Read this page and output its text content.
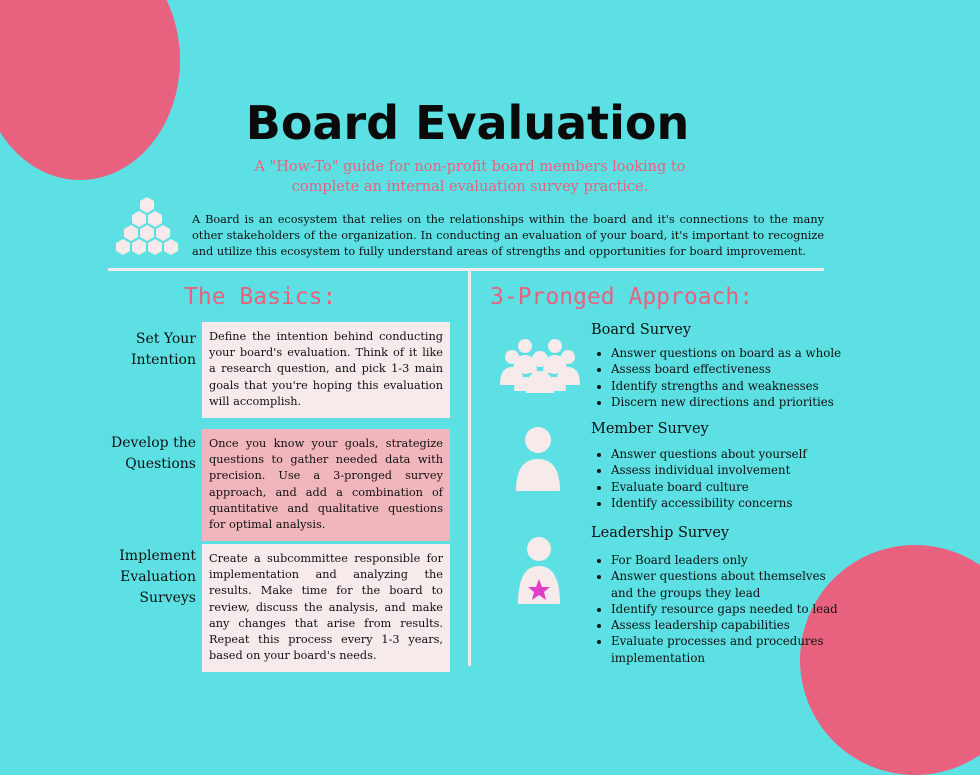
Board Evaluation
A "How-To" guide for non-profit board members looking to complete an internal evaluation survey practice.
A Board is an ecosystem that relies on the relationships within the board and it's connections to the many other stakeholders of the organization. In conducting an evaluation of your board, it's important to recognize and utilize this ecosystem to fully understand areas of strengths and opportunities for board improvement.
The Basics:	3-Pronged Approach:
Set Your
Intention
Define the intention behind conducting your board's evaluation. Think of it like a research question, and pick 1-3 main goals that you're hoping this evaluation will accomplish.
Develop the
Questions
Once you know your goals, strategize questions to gather needed data with precision. Use a 3-pronged survey approach, and add a combination of quantitative and qualitative questions for optimal analysis.
Implement
Evaluation
Surveys
Create a subcommittee responsible for implementation and analyzing the results. Make time for the board to review, discuss the analysis, and make any changes that arise from results. Repeat this process every 1-3 years, based on your board's needs.
Board Survey
• Answer questions on board as a whole
• Assess board effectiveness
• Identify strengths and weaknesses
• Discern new directions and priorities
Member Survey
• Answer questions about yourself
• Assess individual involvement
• Evaluate board culture
• Identify accessibility concerns
Leadership Survey
• For Board leaders only
• Answer questions about themselves and the groups they lead
• Identify resource gaps needed to lead
• Assess leadership capabilities
• Evaluate processes and procedures implementation
